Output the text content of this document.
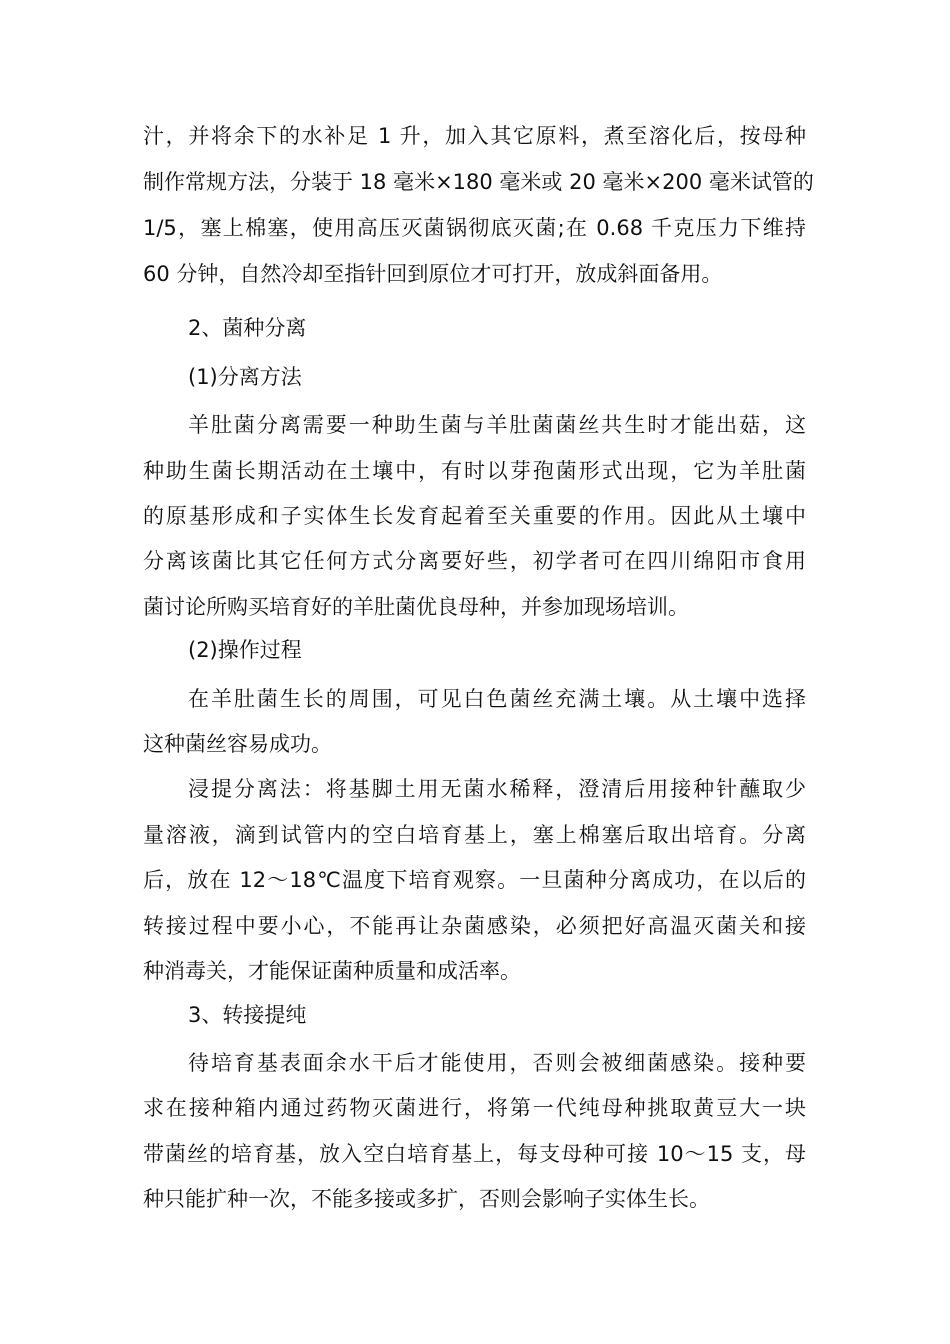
汁，并将余下的水补足 1 升，加入其它原料，煮至溶化后，按母种
制作常规方法，分装于 18 毫米×180 毫米或 20 毫米×200 毫米试管的
1/5，塞上棉塞，使用高压灭菌锅彻底灭菌;在 0.68 千克压力下维持
60 分钟，自然冷却至指针回到原位才可打开，放成斜面备用。
2、菌种分离
(1)分离方法
羊肚菌分离需要一种助生菌与羊肚菌菌丝共生时才能出菇，这
种助生菌长期活动在土壤中，有时以芽孢菌形式出现，它为羊肚菌
的原基形成和子实体生长发育起着至关重要的作用。因此从土壤中
分离该菌比其它任何方式分离要好些，初学者可在四川绵阳市食用
菌讨论所购买培育好的羊肚菌优良母种，并参加现场培训。
(2)操作过程
在羊肚菌生长的周围，可见白色菌丝充满土壤。从土壤中选择
这种菌丝容易成功。
浸提分离法：将基脚土用无菌水稀释，澄清后用接种针蘸取少
量溶液，滴到试管内的空白培育基上，塞上棉塞后取出培育。分离
后，放在 12～18℃温度下培育观察。一旦菌种分离成功，在以后的
转接过程中要小心，不能再让杂菌感染，必须把好高温灭菌关和接
种消毒关，才能保证菌种质量和成活率。
3、转接提纯
待培育基表面余水干后才能使用，否则会被细菌感染。接种要
求在接种箱内通过药物灭菌进行，将第一代纯母种挑取黄豆大一块
带菌丝的培育基，放入空白培育基上，每支母种可接 10～15 支，母
种只能扩种一次，不能多接或多扩，否则会影响子实体生长。
